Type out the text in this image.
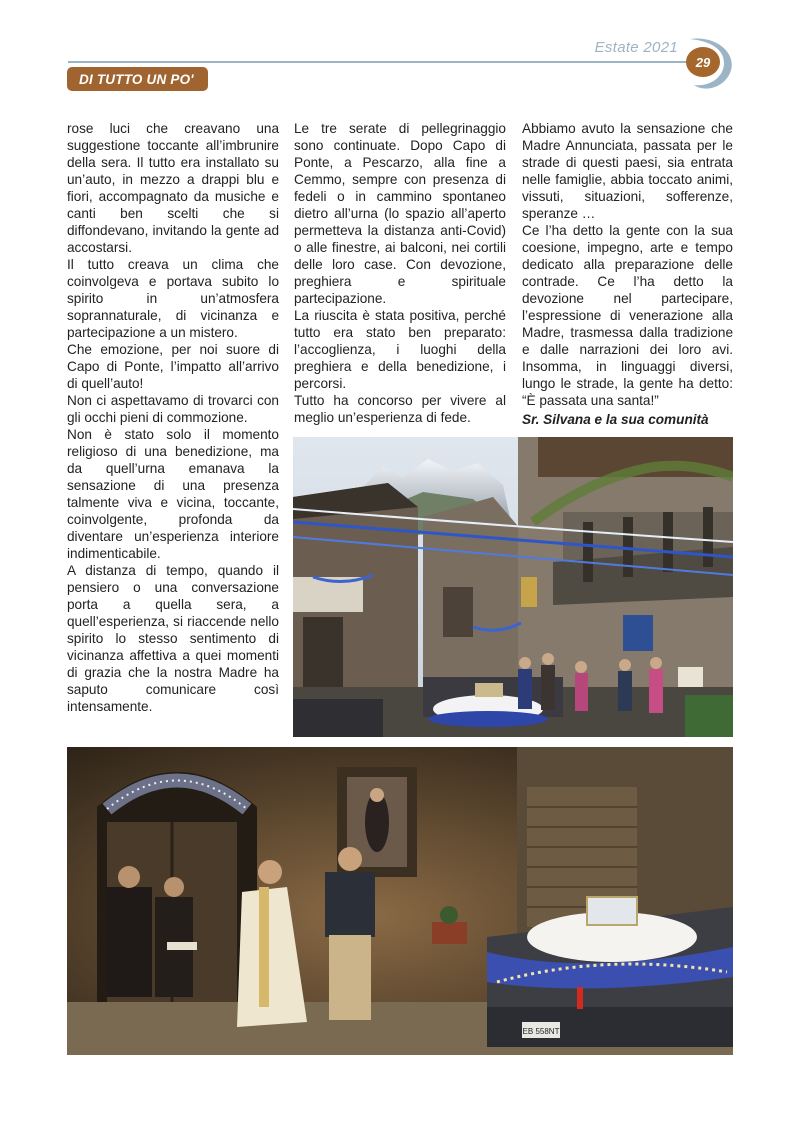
Estate 2021
29
DI TUTTO UN PO'

rose luci che creavano una suggestione toccante all’imbrunire della sera. Il tutto era installato su un’auto, in mezzo a drappi blu e fiori, accompagnato da musiche e canti ben scelti che si diffondevano, invitando la gente ad accostarsi.

Il tutto creava un clima che coinvolgeva e portava subito lo spirito in un’atmosfera soprannaturale, di vicinanza e partecipazione a un mistero.

Che emozione, per noi suore di Capo di Ponte, l’impatto all’arrivo di quell’auto!

Non ci aspettavamo di trovarci con gli occhi pieni di commozione.

Non è stato solo il momento religioso di una benedizione, ma da quell’urna emanava la sensazione di una presenza talmente viva e vicina, toccante, coinvolgente, profonda da diventare un’esperienza interiore indimenticabile.

A distanza di tempo, quando il pensiero o una conversazione porta a quella sera, a quell’esperienza, si riaccende nello spirito lo stesso sentimento di vicinanza affettiva a quei momenti di grazia che la nostra Madre ha saputo comunicare così intensamente.

Le tre serate di pellegrinaggio sono continuate. Dopo Capo di Ponte, a Pescarzo, alla fine a Cemmo, sempre con presenza di fedeli o in cammino spontaneo dietro all’urna (lo spazio all’aperto permetteva la distanza anti-Covid) o alle finestre, ai balconi, nei cortili delle loro case. Con devozione, preghiera e spirituale partecipazione.

La riuscita è stata positiva, perché tutto era stato ben preparato: l’accoglienza, i luoghi della preghiera e della benedizione, i percorsi.

Tutto ha concorso per vivere al meglio un’esperienza di fede.

Abbiamo avuto la sensazione che Madre Annunciata, passata per le strade di questi paesi, sia entrata nelle famiglie, abbia toccato animi, vissuti, situazioni, sofferenze, speranze …

Ce l’ha detto la gente con la sua coesione, impegno, arte e tempo dedicato alla preparazione delle contrade. Ce l’ha detto la devozione nel partecipare, l’espressione di venerazione alla Madre, trasmessa dalla tradizione e dalle narrazioni dei loro avi. Insomma, in linguaggi diversi, lungo le strade, la gente ha detto: “È passata una santa!”

Sr. Silvana e la sua comunità

EB 558NT
